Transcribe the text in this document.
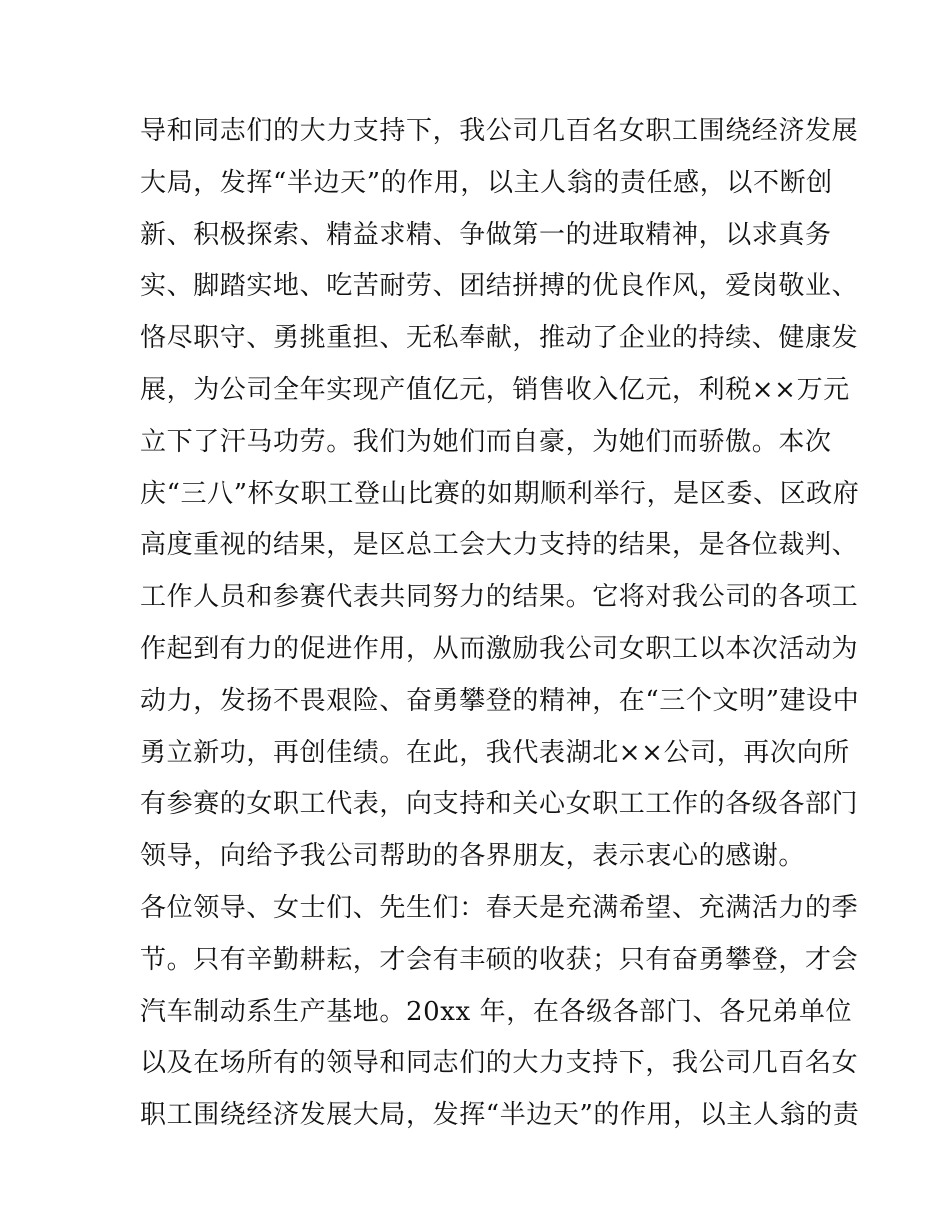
导和同志们的大力支持下，我公司几百名女职工围绕经济发展
大局，发挥“半边天”的作用，以主人翁的责任感，以不断创
新、积极探索、精益求精、争做第一的进取精神，以求真务
实、脚踏实地、吃苦耐劳、团结拼搏的优良作风，爱岗敬业、
恪尽职守、勇挑重担、无私奉献，推动了企业的持续、健康发
展，为公司全年实现产值亿元，销售收入亿元，利税××万元
立下了汗马功劳。我们为她们而自豪，为她们而骄傲。本次
庆“三八”杯女职工登山比赛的如期顺利举行，是区委、区政府
高度重视的结果，是区总工会大力支持的结果，是各位裁判、
工作人员和参赛代表共同努力的结果。它将对我公司的各项工
作起到有力的促进作用，从而激励我公司女职工以本次活动为
动力，发扬不畏艰险、奋勇攀登的精神，在“三个文明”建设中
勇立新功，再创佳绩。在此，我代表湖北××公司，再次向所
有参赛的女职工代表，向支持和关心女职工工作的各级各部门
领导，向给予我公司帮助的各界朋友，表示衷心的感谢。
各位领导、女士们、先生们：春天是充满希望、充满活力的季
节。只有辛勤耕耘，才会有丰硕的收获；只有奋勇攀登，才会
汽车制动系生产基地。20xx 年，在各级各部门、各兄弟单位
以及在场所有的领导和同志们的大力支持下，我公司几百名女
职工围绕经济发展大局，发挥“半边天”的作用，以主人翁的责
